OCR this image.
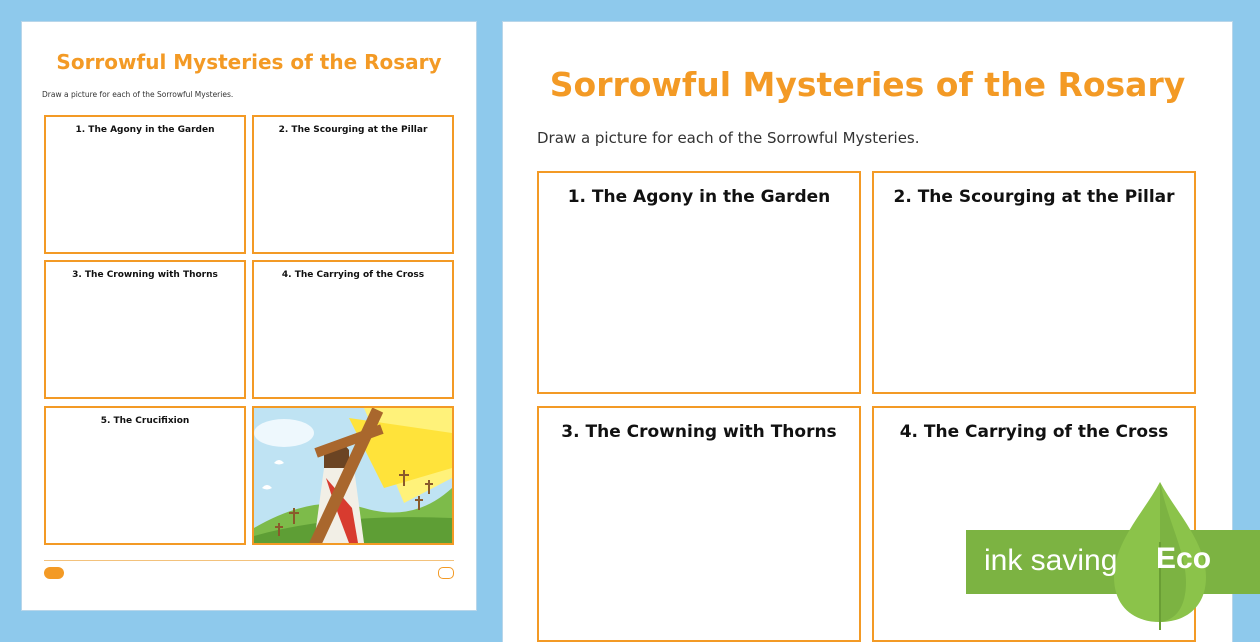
Sorrowful Mysteries of the Rosary
Draw a picture for each of the Sorrowful Mysteries.
1. The Agony in the Garden	2. The Scourging at the Pillar
3. The Crowning with Thorns	4. The Carrying of the Cross
5. The Crucifixion
Sorrowful Mysteries of the Rosary
Draw a picture for each of the Sorrowful Mysteries.
1. The Agony in the Garden	2. The Scourging at the Pillar
3. The Crowning with Thorns	4. The Carrying of the Cross
ink saving Eco
